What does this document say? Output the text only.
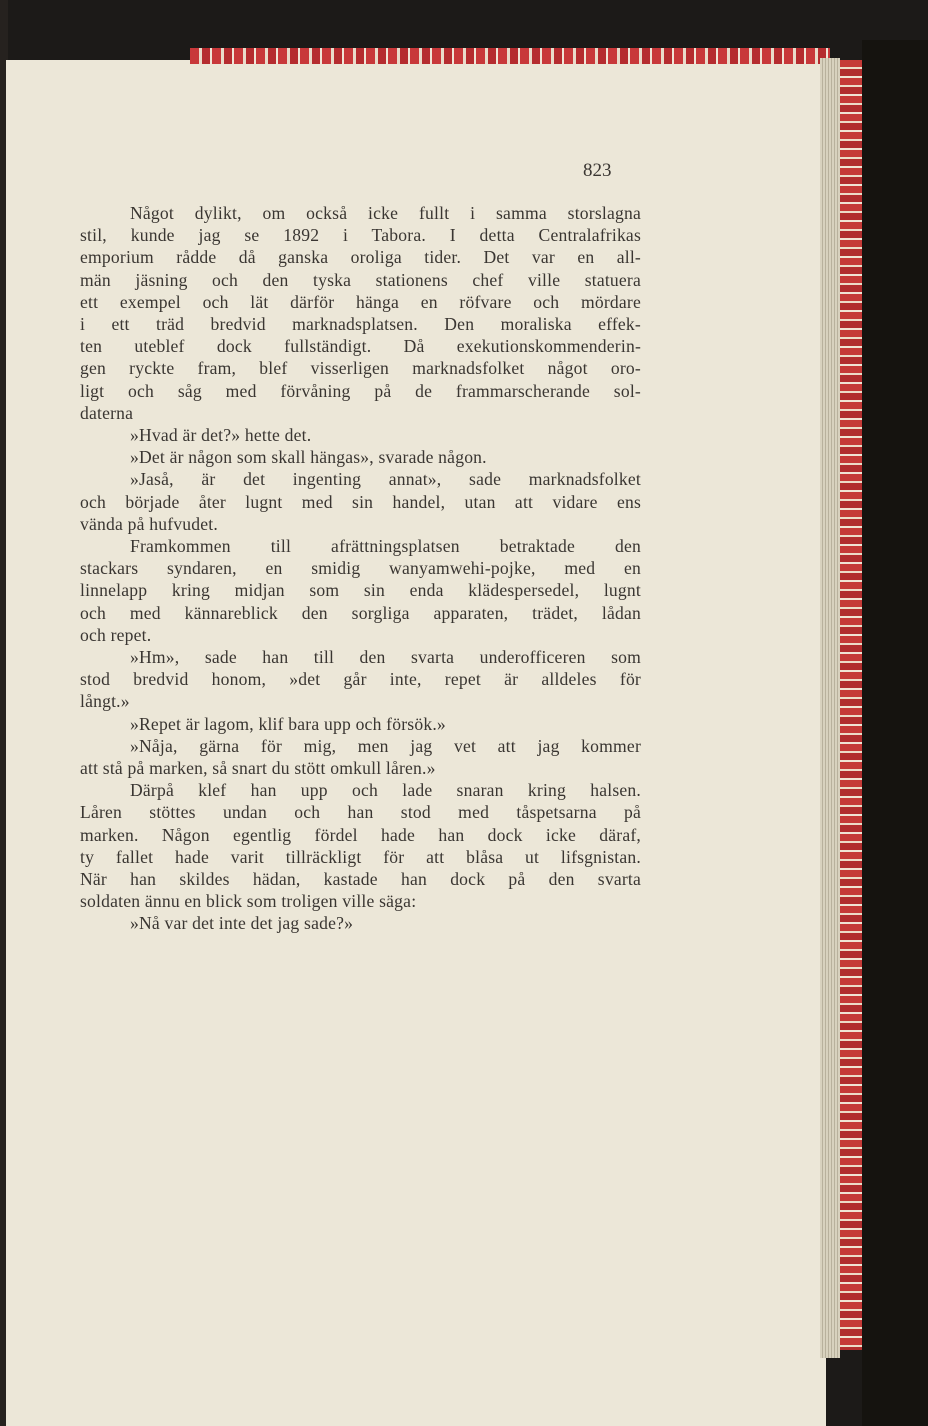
823
Något dylikt, om också icke fullt i samma storslagna
stil, kunde jag se 1892 i Tabora. I detta Centralafrikas
emporium rådde då ganska oroliga tider. Det var en all-
män jäsning och den tyska stationens chef ville statuera
ett exempel och lät därför hänga en röfvare och mördare
i ett träd bredvid marknadsplatsen. Den moraliska effek-
ten uteblef dock fullständigt. Då exekutionskommenderin-
gen ryckte fram, blef visserligen marknadsfolket något oro-
ligt och såg med förvåning på de frammarscherande sol-
daterna
»Hvad är det?» hette det.
»Det är någon som skall hängas», svarade någon.
»Jaså, är det ingenting annat», sade marknadsfolket
och började åter lugnt med sin handel, utan att vidare ens
vända på hufvudet.
Framkommen till afrättningsplatsen betraktade den
stackars syndaren, en smidig wanyamwehi-pojke, med en
linnelapp kring midjan som sin enda klädespersedel, lugnt
och med kännareblick den sorgliga apparaten, trädet, lådan
och repet.
»Hm», sade han till den svarta underofficeren som
stod bredvid honom, »det går inte, repet är alldeles för
långt.»
»Repet är lagom, klif bara upp och försök.»
»Nåja, gärna för mig, men jag vet att jag kommer
att stå på marken, så snart du stött omkull låren.»
Därpå klef han upp och lade snaran kring halsen.
Låren stöttes undan och han stod med tåspetsarna på
marken. Någon egentlig fördel hade han dock icke däraf,
ty fallet hade varit tillräckligt för att blåsa ut lifsgnistan.
När han skildes hädan, kastade han dock på den svarta
soldaten ännu en blick som troligen ville säga:
»Nå var det inte det jag sade?»
